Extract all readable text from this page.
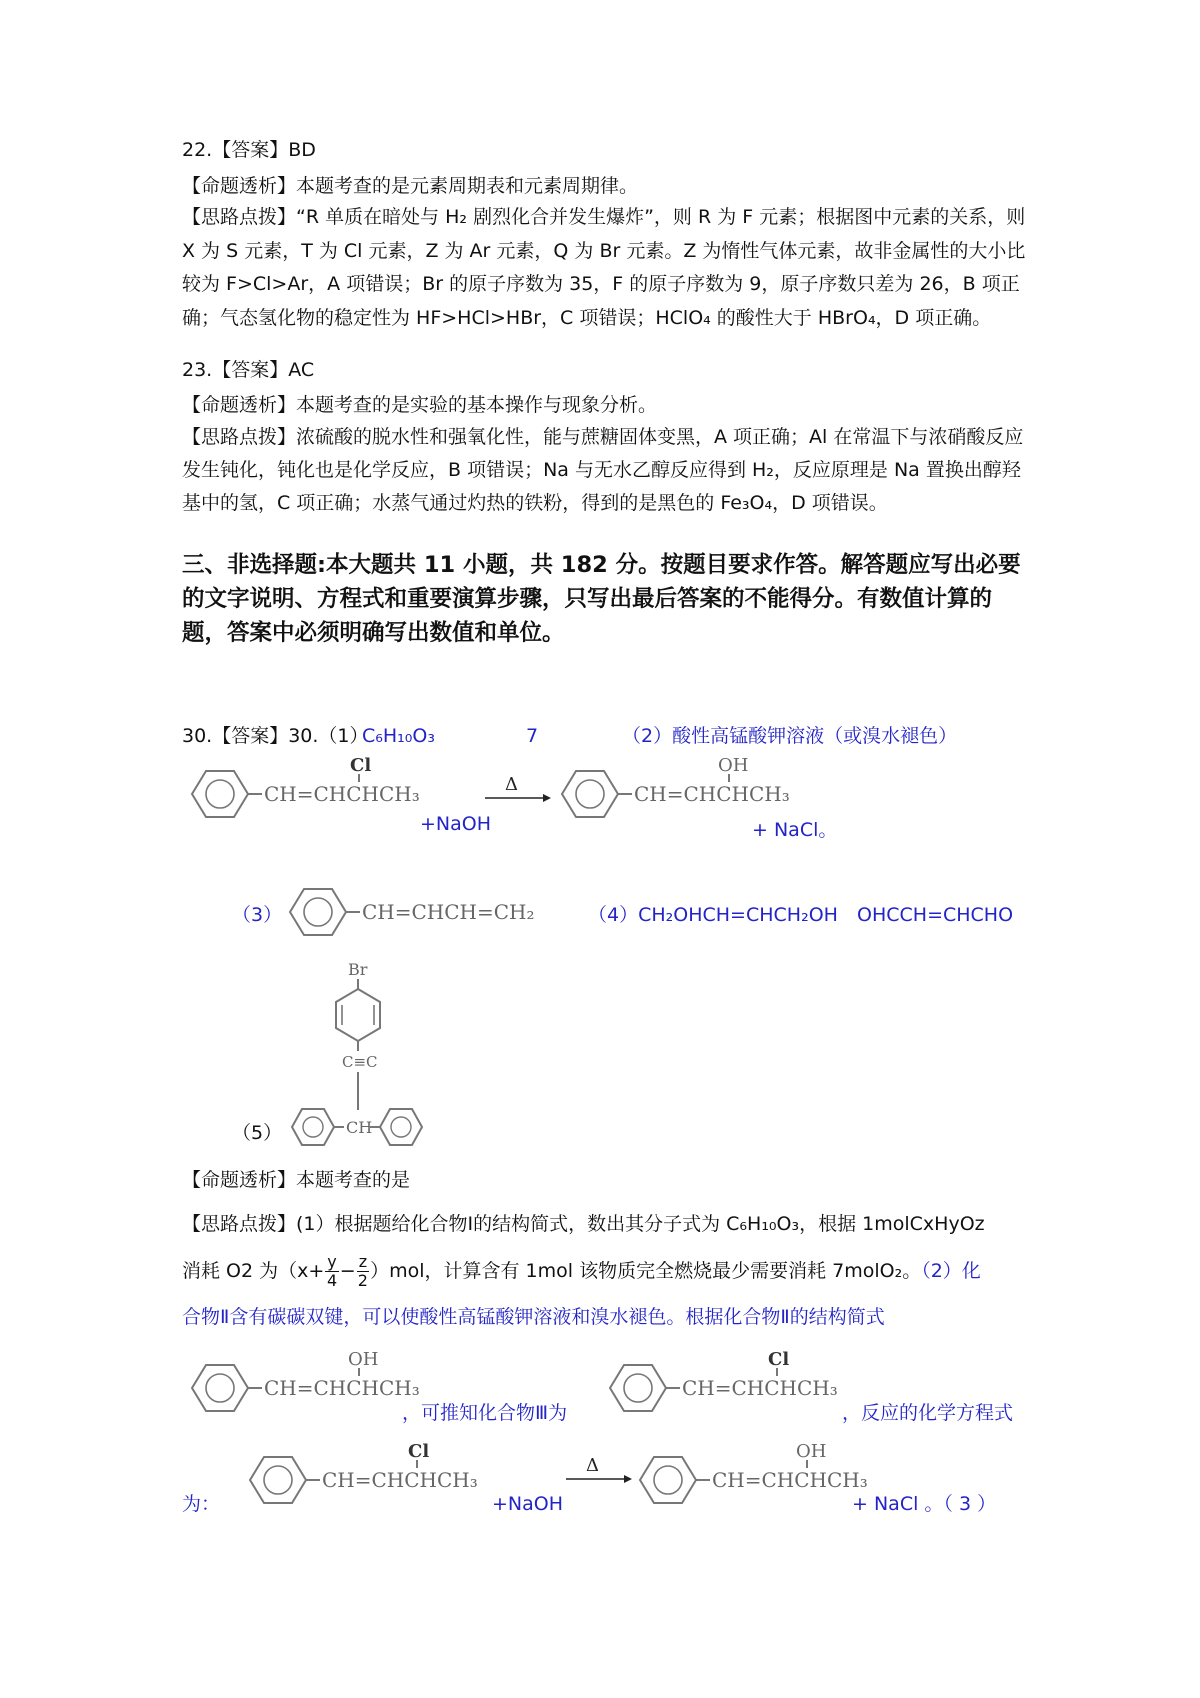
22.【答案】BD

【命题透析】本题考查的是元素周期表和元素周期律。

【思路点拨】“R 单质在暗处与 H₂ 剧烈化合并发生爆炸”，则 R 为 F 元素；根据图中元素的关系，则 X 为 S 元素，T 为 Cl 元素，Z 为 Ar 元素，Q 为 Br 元素。Z 为惰性气体元素，故非金属性的大小比较为 F>Cl>Ar，A 项错误；Br 的原子序数为 35，F 的原子序数为 9，原子序数只差为 26，B 项正确；气态氢化物的稳定性为 HF>HCl>HBr，C 项错误；HClO₄ 的酸性大于 HBrO₄，D 项正确。

23.【答案】AC

【命题透析】本题考查的是实验的基本操作与现象分析。

【思路点拨】浓硫酸的脱水性和强氧化性，能与蔗糖固体变黑，A 项正确；Al 在常温下与浓硝酸反应发生钝化，钝化也是化学反应，B 项错误；Na 与无水乙醇反应得到 H₂，反应原理是 Na 置换出醇羟基中的氢，C 项正确；水蒸气通过灼热的铁粉，得到的是黑色的 Fe₃O₄，D 项错误。

三、非选择题:本大题共 11 小题，共 182 分。按题目要求作答。解答题应写出必要的文字说明、方程式和重要演算步骤，只写出最后答案的不能得分。有数值计算的题，答案中必须明确写出数值和单位。

30.【答案】30.（1）
C₆H₁₀O₃	7	（2）酸性高锰酸钾溶液（或溴水褪色）
CH=CHCHCH₃
Cl
+NaOH
Δ	CH=CHCHCH₃
OH
+ NaCl。
（3）	CH=CHCH=CH₂	（4）CH₂OHCH=CHCH₂OH OHCCH=CHCHO
Br
C≡C
CH
（5）
【命题透析】本题考查的是
【思路点拨】(1）根据题给化合物Ⅰ的结构简式，数出其分子式为 C₆H₁₀O₃，根据 1molCxHyOz
消耗 O2 为$(x+ \frac{y}{4} - \frac{z}{2} )mol$，计算含有 1mol 该物质完全燃烧最少需要消耗 7molO₂。（2）化
合物Ⅱ含有碳碳双键，可以使酸性高锰酸钾溶液和溴水褪色。根据化合物Ⅱ的结构简式
CH=CHCHCH₃
OH
，可推知化合物Ⅲ为
CH=CHCHCH₃
Cl
，反应的化学方程式
为：
CH=CHCHCH₃
Cl
+NaOH
Δ
CH=CHCHCH₃
OH
+ NaCl 。（ 3 ）
